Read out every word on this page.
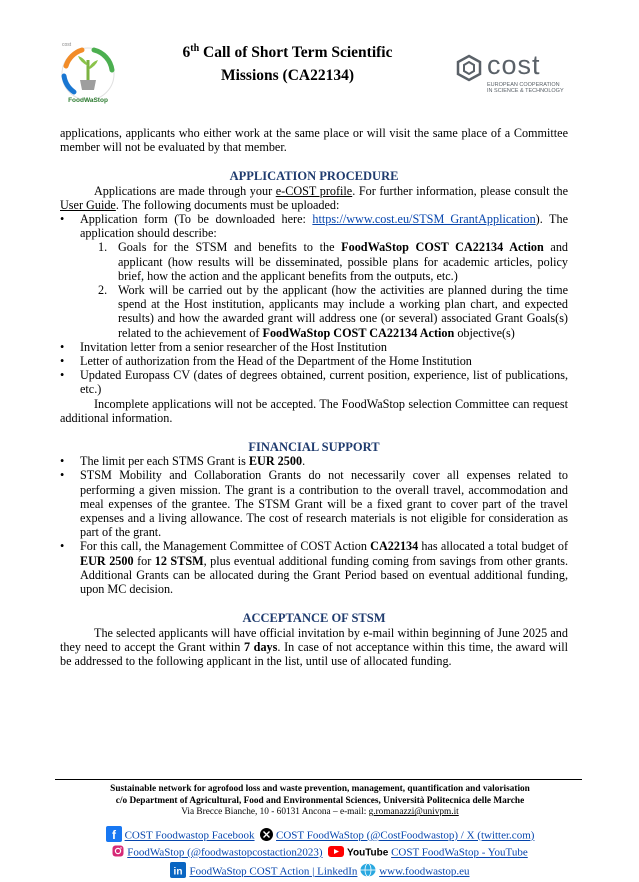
FoodWaStop
cost	6th Call of Short Term Scientific
Missions (CA22134)	cost
EUROPEAN COOPERATION
IN SCIENCE & TECHNOLOGY

applications, applicants who either work at the same place or will visit the same place of a Committee member will not be evaluated by that member.

APPLICATION PROCEDURE

Applications are made through your e-COST profile. For further information, please consult the User Guide. The following documents must be uploaded:

• Application form (To be downloaded here: https://www.cost.eu/STSM_GrantApplication). The application should describe:
1. Goals for the STSM and benefits to the FoodWaStop COST CA22134 Action and applicant (how results will be disseminated, possible plans for academic articles, policy brief, how the action and the applicant benefits from the outputs, etc.)
2. Work will be carried out by the applicant (how the activities are planned during the time spend at the Host institution, applicants may include a working plan chart, and expected results) and how the awarded grant will address one (or several) associated Grant Goals(s) related to the achievement of FoodWaStop COST CA22134 Action objective(s)
• Invitation letter from a senior researcher of the Host Institution
• Letter of authorization from the Head of the Department of the Home Institution
• Updated Europass CV (dates of degrees obtained, current position, experience, list of publications, etc.)

Incomplete applications will not be accepted. The FoodWaStop selection Committee can request additional information.

FINANCIAL SUPPORT

• The limit per each STMS Grant is EUR 2500.
• STSM Mobility and Collaboration Grants do not necessarily cover all expenses related to performing a given mission. The grant is a contribution to the overall travel, accommodation and meal expenses of the grantee. The STSM Grant will be a fixed grant to cover part of the travel expenses and a living allowance. The cost of research materials is not eligible for consideration as part of the grant.
• For this call, the Management Committee of COST Action CA22134 has allocated a total budget of EUR 2500 for 12 STSM, plus eventual additional funding coming from savings from other grants. Additional Grants can be allocated during the Grant Period based on eventual additional funding, upon MC decision.

ACCEPTANCE OF STSM

The selected applicants will have official invitation by e-mail within beginning of June 2025 and they need to accept the Grant within 7 days. In case of not acceptance within this time, the award will be addressed to the following applicant in the list, until use of allocated funding.

Sustainable network for agrofood loss and waste prevention, management, quantification and valorisation
c/o Department of Agricultural, Food and Environmental Sciences, Università Politecnica delle Marche
Via Brecce Bianche, 10 - 60131 Ancona – e-mail: g.romanazzi@univpm.it
f COST Foodwastop Facebook COST FoodWaStop (@CostFoodwastop) / X (twitter.com)
FoodWaStop (@foodwastopcostaction2023) YouTube COST FoodWaStop - YouTube
in FoodWaStop COST Action | LinkedIn www.foodwastop.eu
